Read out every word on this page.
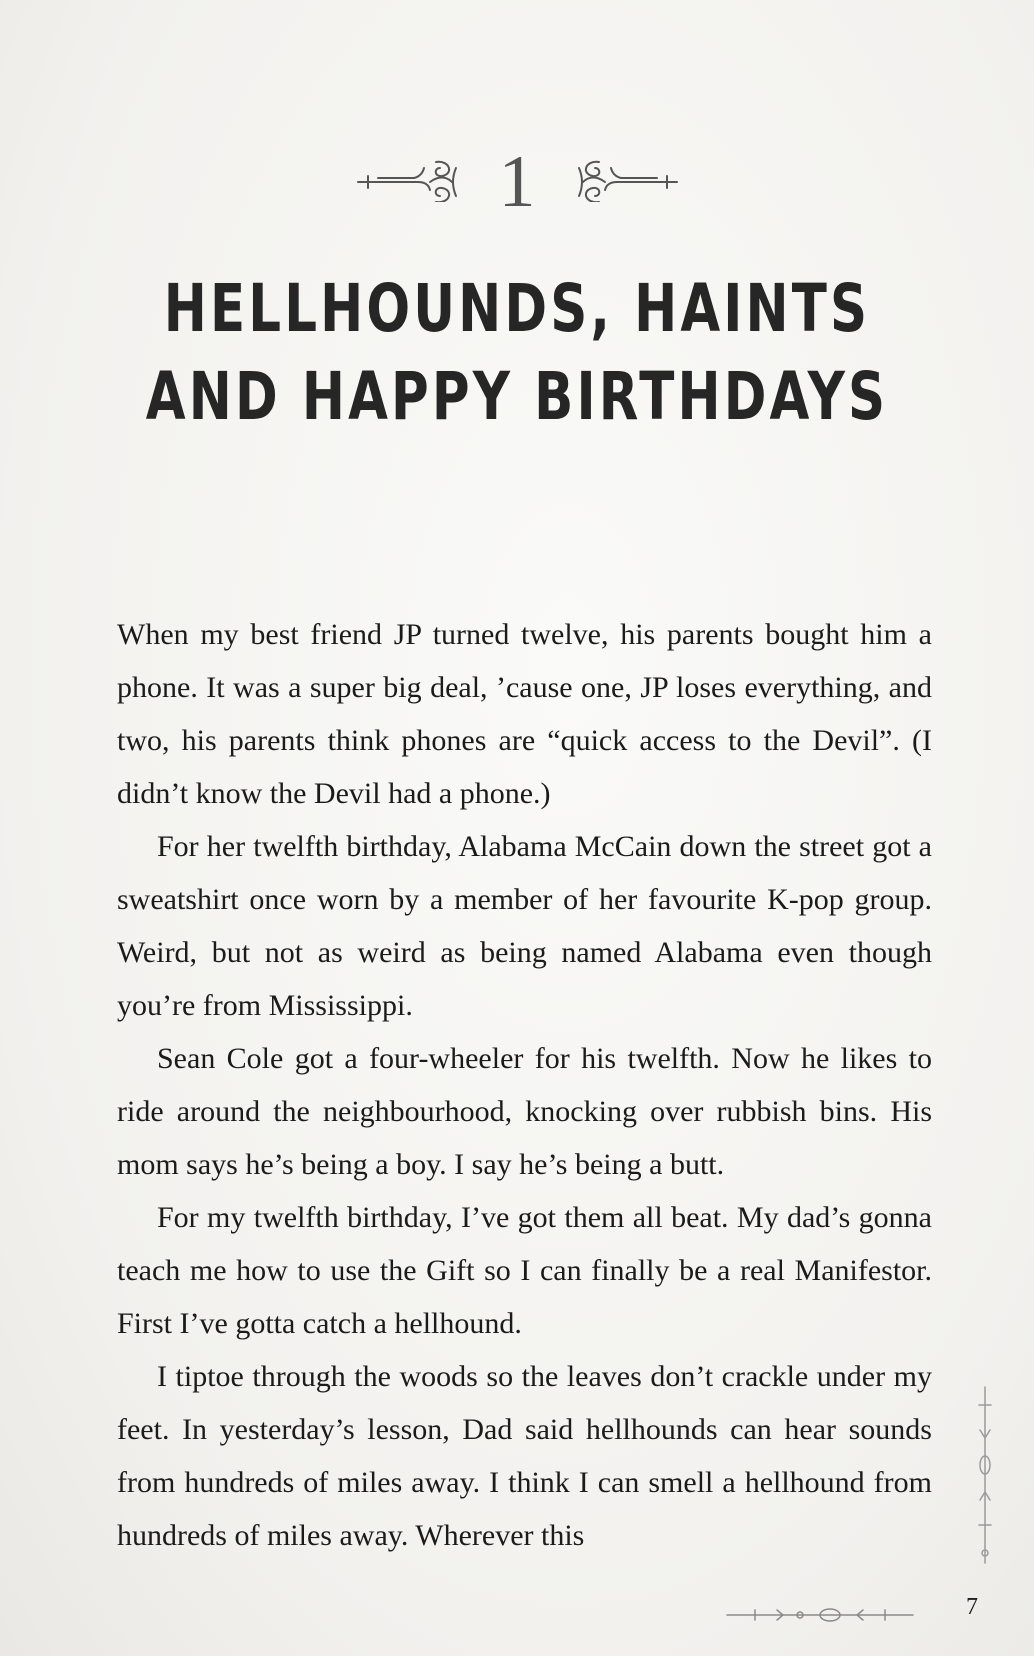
1
HELLHOUNDS, HAINTS
AND HAPPY BIRTHDAYS

When my best friend JP turned twelve, his parents bought him a phone. It was a super big deal, ’cause one, JP loses everything, and two, his parents think phones are “quick access to the Devil”. (I didn’t know the Devil had a phone.)

For her twelfth birthday, Alabama McCain down the street got a sweatshirt once worn by a member of her favourite K-pop group. Weird, but not as weird as being named Alabama even though you’re from Mississippi.

Sean Cole got a four-wheeler for his twelfth. Now he likes to ride around the neighbourhood, knocking over rubbish bins. His mom says he’s being a boy. I say he’s being a butt.

For my twelfth birthday, I’ve got them all beat. My dad’s gonna teach me how to use the Gift so I can finally be a real Manifestor. First I’ve gotta catch a hellhound.

I tiptoe through the woods so the leaves don’t crackle under my feet. In yesterday’s lesson, Dad said hellhounds can hear sounds from hundreds of miles away. I think I can smell a hellhound from hundreds of miles away. Wherever this

7
